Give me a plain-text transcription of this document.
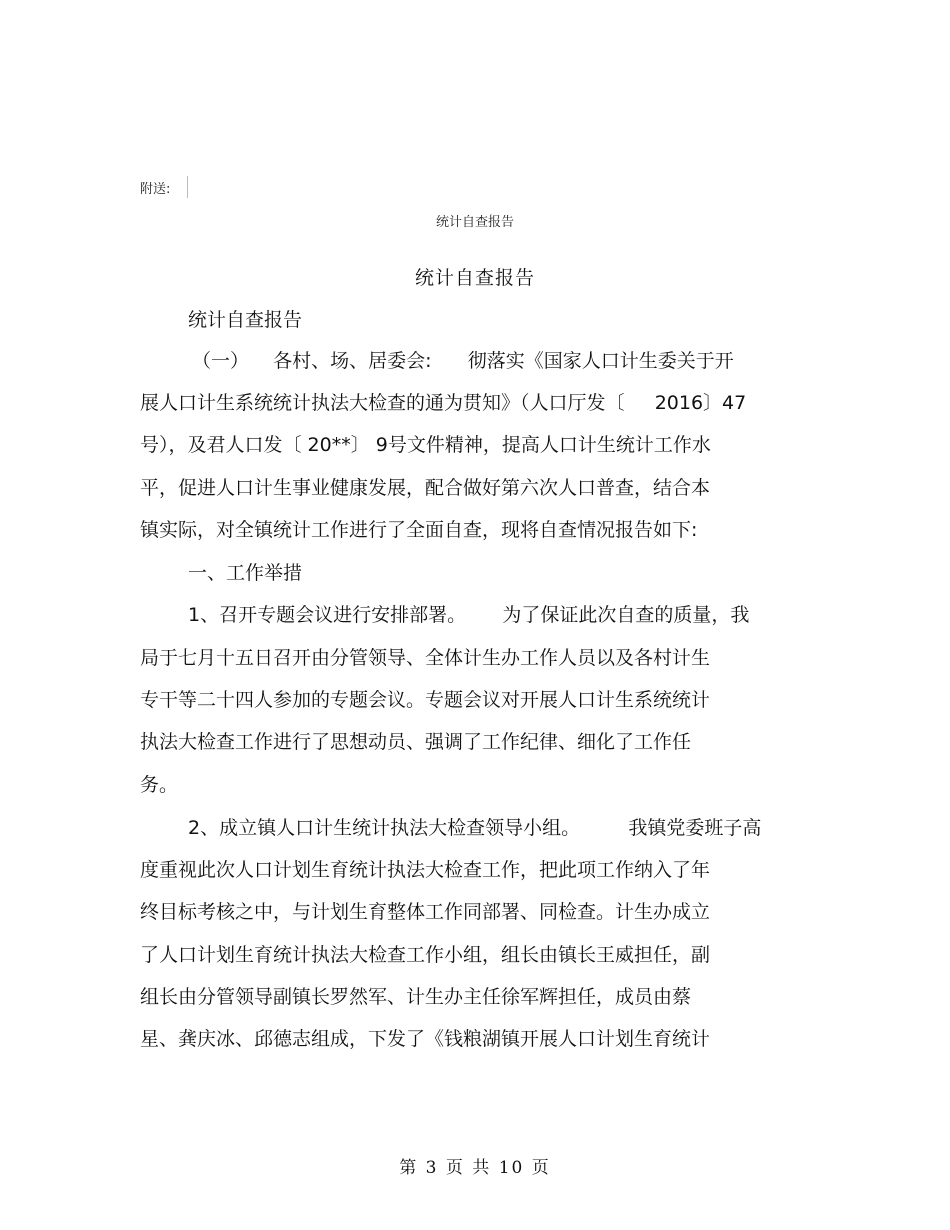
附送:
统计自查报告
统计自查报告
统计自查报告
（一）    各村、场、居委会:      彻落实《国家人口计生委关于开
展人口计生系统统计执法大检查的通为贯知》（人口厅发〔     2016〕47
号），及君人口发〔 20**〕 9号文件精神，提高人口计生统计工作水
平，促进人口计生事业健康发展，配合做好第六次人口普查，结合本
镇实际，对全镇统计工作进行了全面自查，现将自查情况报告如下:
一、工作举措
1、召开专题会议进行安排部署。      为了保证此次自查的质量，我
局于七月十五日召开由分管领导、全体计生办工作人员以及各村计生
专干等二十四人参加的专题会议。专题会议对开展人口计生系统统计
执法大检查工作进行了思想动员、强调了工作纪律、细化了工作任
务。
2、成立镇人口计生统计执法大检查领导小组。        我镇党委班子高
度重视此次人口计划生育统计执法大检查工作，把此项工作纳入了年
终目标考核之中，与计划生育整体工作同部署、同检查。计生办成立
了人口计划生育统计执法大检查工作小组，组长由镇长王威担任，副
组长由分管领导副镇长罗然军、计生办主任徐军辉担任，成员由蔡
星、龚庆冰、邱德志组成，下发了《钱粮湖镇开展人口计划生育统计
第 3 页 共 10 页
